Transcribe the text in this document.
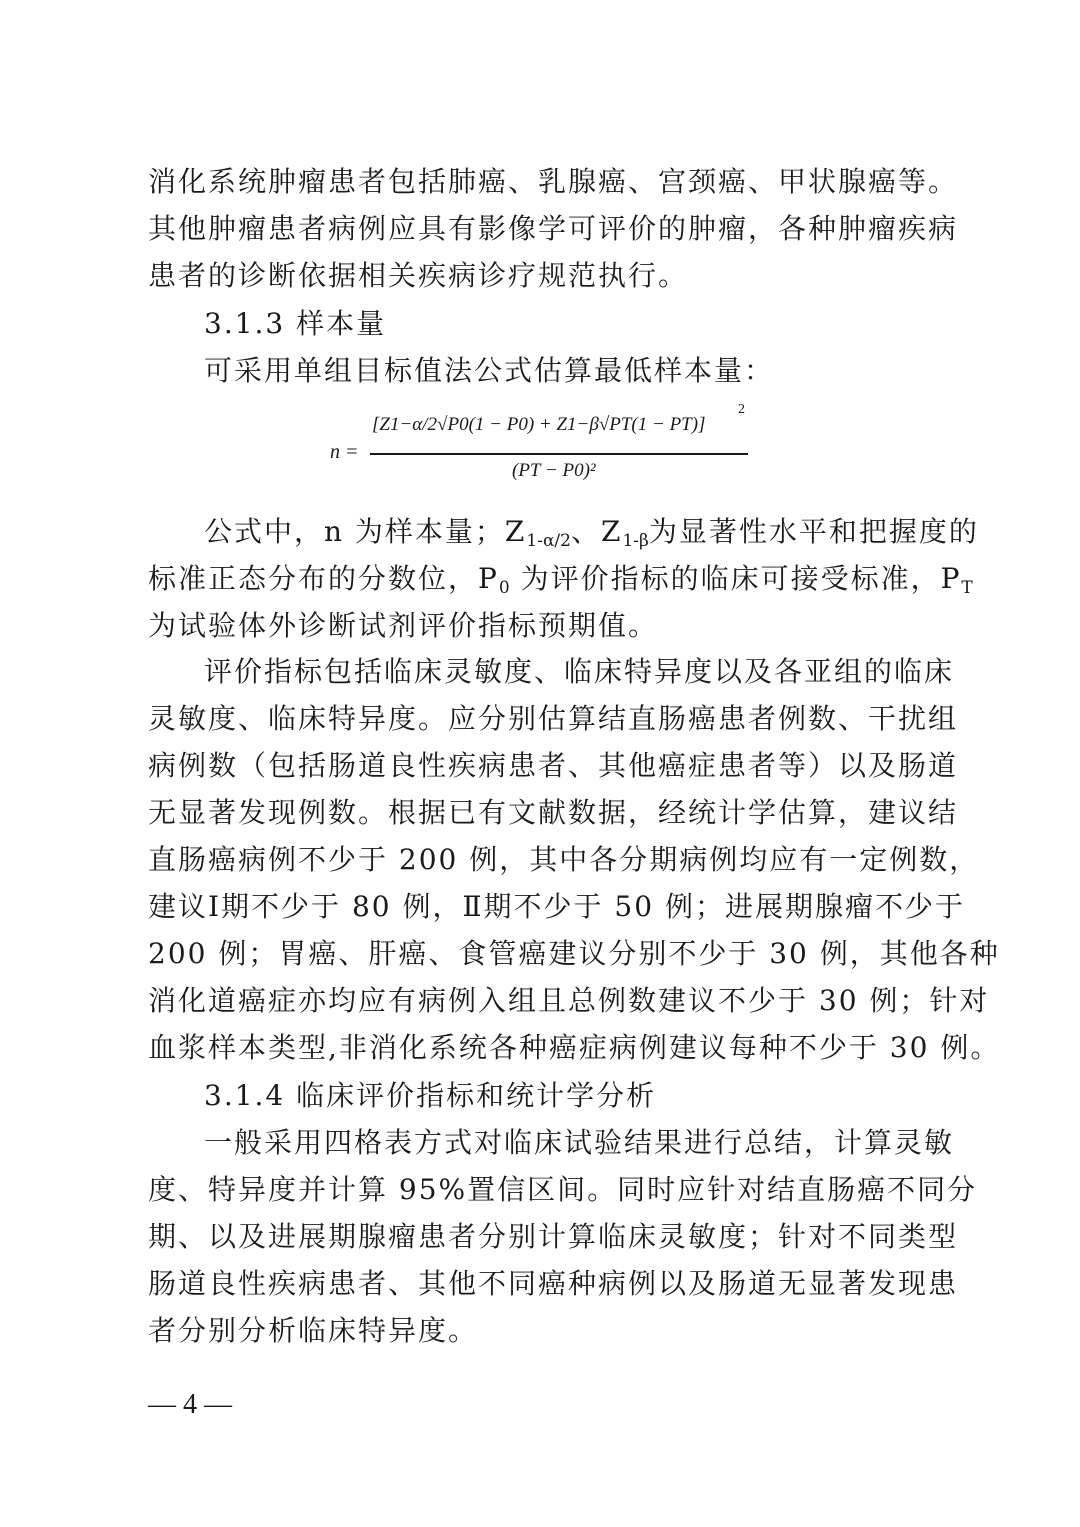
消化系统肿瘤患者包括肺癌、乳腺癌、宫颈癌、甲状腺癌等。
其他肿瘤患者病例应具有影像学可评价的肿瘤，各种肿瘤疾病
患者的诊断依据相关疾病诊疗规范执行。
3.1.3 样本量
可采用单组目标值法公式估算最低样本量：
n =
[Z1−α/2√P0(1 − P0) + Z1−β√PT(1 − PT)]
2
(PT − P0)²
公式中，n 为样本量；$Z_{1-\alpha/2}$、$Z_{1-\beta}$为显著性水平和把握度的
标准正态分布的分数位，$P_0$ 为评价指标的临床可接受标准，$P_T$
为试验体外诊断试剂评价指标预期值。
评价指标包括临床灵敏度、临床特异度以及各亚组的临床
灵敏度、临床特异度。应分别估算结直肠癌患者例数、干扰组
病例数（包括肠道良性疾病患者、其他癌症患者等）以及肠道
无显著发现例数。根据已有文献数据，经统计学估算，建议结
直肠癌病例不少于 200 例，其中各分期病例均应有一定例数，
建议Ⅰ期不少于 80 例，Ⅱ期不少于 50 例；进展期腺瘤不少于
200 例；胃癌、肝癌、食管癌建议分别不少于 30 例，其他各种
消化道癌症亦均应有病例入组且总例数建议不少于 30 例；针对
血浆样本类型,非消化系统各种癌症病例建议每种不少于 30 例。
3.1.4 临床评价指标和统计学分析
一般采用四格表方式对临床试验结果进行总结，计算灵敏
度、特异度并计算 95%置信区间。同时应针对结直肠癌不同分
期、以及进展期腺瘤患者分别计算临床灵敏度；针对不同类型
肠道良性疾病患者、其他不同癌种病例以及肠道无显著发现患
者分别分析临床特异度。
— 4 —
